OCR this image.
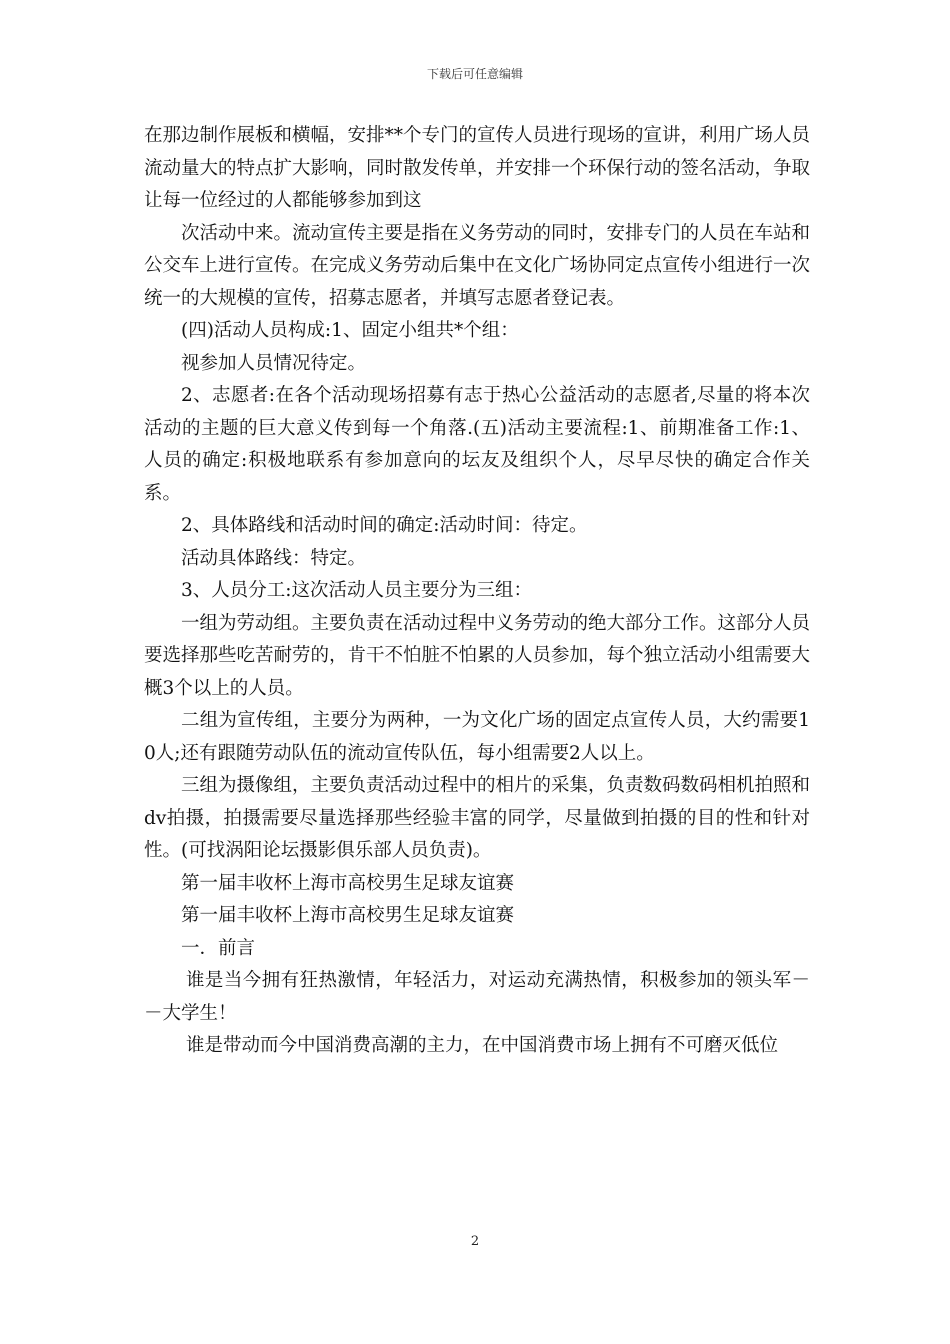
下载后可任意编辑

在那边制作展板和横幅，安排**个专门的宣传人员进行现场的宣讲，利用广场人员流动量大的特点扩大影响，同时散发传单，并安排一个环保行动的签名活动，争取让每一位经过的人都能够参加到这

次活动中来。流动宣传主要是指在义务劳动的同时，安排专门的人员在车站和公交车上进行宣传。在完成义务劳动后集中在文化广场协同定点宣传小组进行一次统一的大规模的宣传，招募志愿者，并填写志愿者登记表。

(四)活动人员构成:1、固定小组共*个组：

视参加人员情况待定。

2、志愿者:在各个活动现场招募有志于热心公益活动的志愿者,尽量的将本次活动的主题的巨大意义传到每一个角落.(五)活动主要流程:1、前期准备工作:1、人员的确定:积极地联系有参加意向的坛友及组织个人，尽早尽快的确定合作关系。

2、具体路线和活动时间的确定:活动时间：待定。

活动具体路线：特定。

3、人员分工:这次活动人员主要分为三组：

一组为劳动组。主要负责在活动过程中义务劳动的绝大部分工作。这部分人员要选择那些吃苦耐劳的，肯干不怕脏不怕累的人员参加，每个独立活动小组需要大概3个以上的人员。

二组为宣传组，主要分为两种，一为文化广场的固定点宣传人员，大约需要10人;还有跟随劳动队伍的流动宣传队伍，每小组需要2人以上。

三组为摄像组，主要负责活动过程中的相片的采集，负责数码数码相机拍照和dv拍摄，拍摄需要尽量选择那些经验丰富的同学，尽量做到拍摄的目的性和针对性。(可找涡阳论坛摄影俱乐部人员负责)。

第一届丰收杯上海市高校男生足球友谊赛

第一届丰收杯上海市高校男生足球友谊赛

一．前言

谁是当今拥有狂热激情，年轻活力，对运动充满热情，积极参加的领头军－－大学生！

谁是带动而今中国消费高潮的主力，在中国消费市场上拥有不可磨灭低位

2
